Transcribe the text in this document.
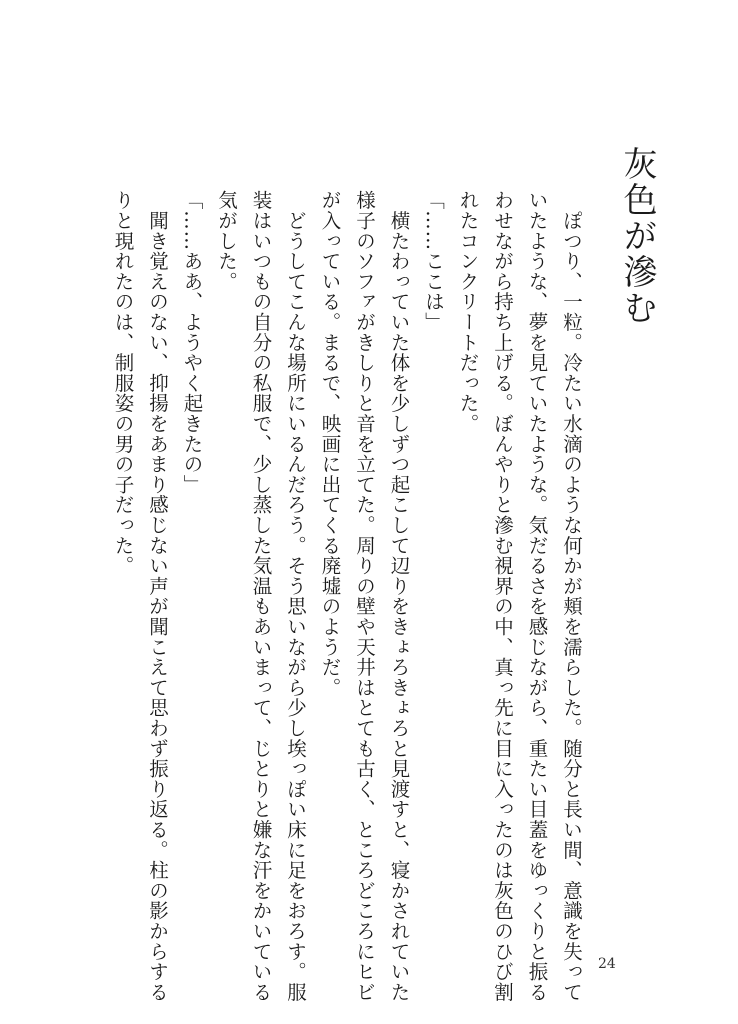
灰色が滲む

　ぽつり、一粒。冷たい水滴のような何かが頬を濡らした。随分と長い間、意識を失って

いたような、夢を見ていたような。気だるさを感じながら、重たい目蓋をゆっくりと振る

わせながら持ち上げる。ぼんやりと滲む視界の中、真っ先に目に入ったのは灰色のひび割

れたコンクリートだった。

「……ここは」

　横たわっていた体を少しずつ起こして辺りをきょろきょろと見渡すと、寝かされていた

様子のソファがきしりと音を立てた。周りの壁や天井はとても古く、ところどころにヒビ

が入っている。まるで、映画に出てくる廃墟のようだ。

　どうしてこんな場所にいるんだろう。そう思いながら少し埃っぽい床に足をおろす。服

装はいつもの自分の私服で、少し蒸した気温もあいまって、じとりと嫌な汗をかいている

気がした。

「……ああ、ようやく起きたの」

　聞き覚えのない、抑揚をあまり感じない声が聞こえて思わず振り返る。柱の影からする

りと現れたのは、制服姿の男の子だった。

24
